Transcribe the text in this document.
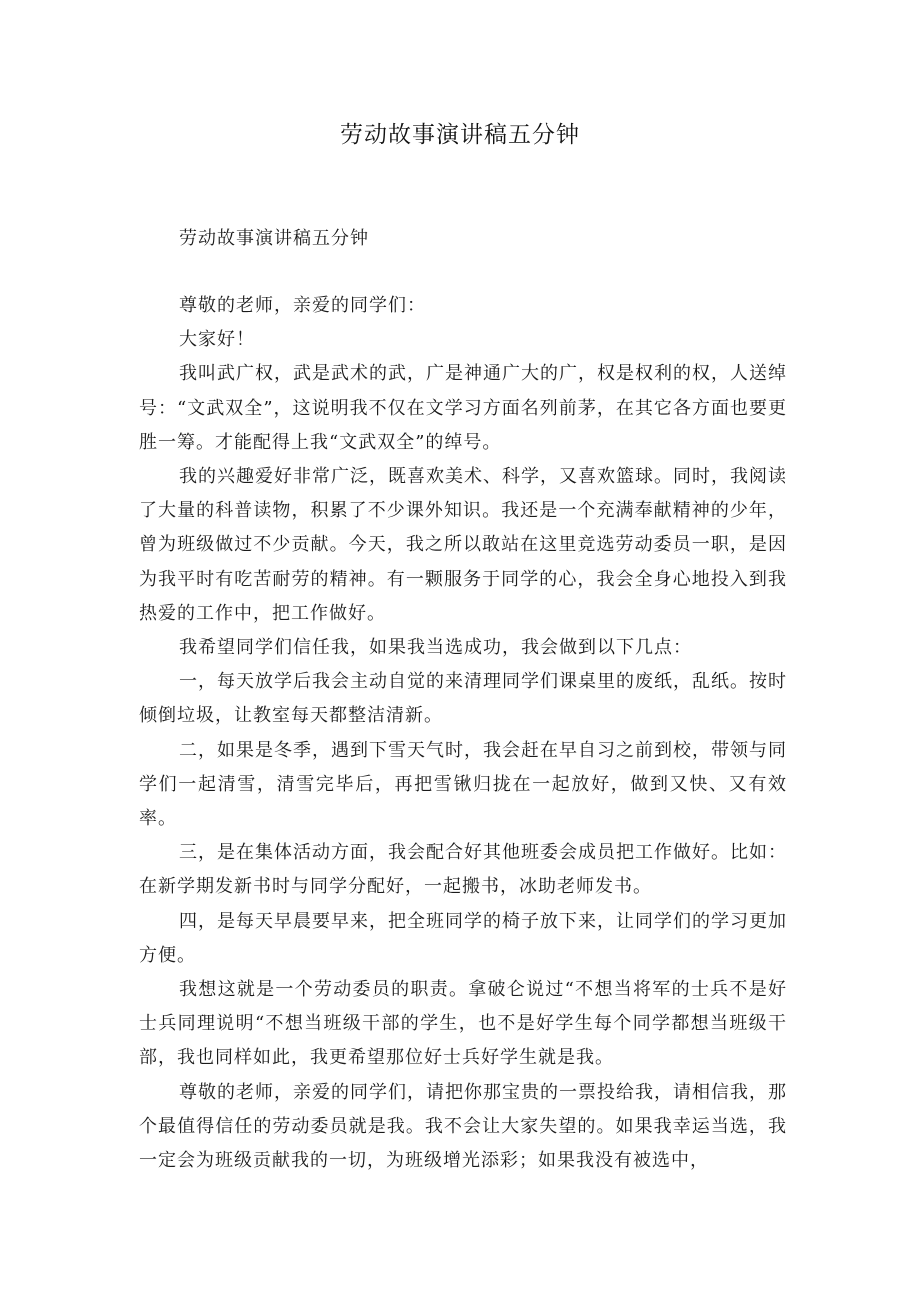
劳动故事演讲稿五分钟
劳动故事演讲稿五分钟

尊敬的老师，亲爱的同学们：

大家好！

我叫武广权，武是武术的武，广是神通广大的广，权是权利的权，人送绰号：“文武双全”，这说明我不仅在文学习方面名列前茅，在其它各方面也要更胜一筹。才能配得上我“文武双全”的绰号。

我的兴趣爱好非常广泛，既喜欢美术、科学，又喜欢篮球。同时，我阅读了大量的科普读物，积累了不少课外知识。我还是一个充满奉献精神的少年，曾为班级做过不少贡献。今天，我之所以敢站在这里竞选劳动委员一职，是因为我平时有吃苦耐劳的精神。有一颗服务于同学的心，我会全身心地投入到我热爱的工作中，把工作做好。

我希望同学们信任我，如果我当选成功，我会做到以下几点：

一，每天放学后我会主动自觉的来清理同学们课桌里的废纸，乱纸。按时倾倒垃圾，让教室每天都整洁清新。

二，如果是冬季，遇到下雪天气时，我会赶在早自习之前到校，带领与同学们一起清雪，清雪完毕后，再把雪锹归拢在一起放好，做到又快、又有效率。

三，是在集体活动方面，我会配合好其他班委会成员把工作做好。比如：在新学期发新书时与同学分配好，一起搬书，冰助老师发书。

四，是每天早晨要早来，把全班同学的椅子放下来，让同学们的学习更加方便。

我想这就是一个劳动委员的职责。拿破仑说过“不想当将军的士兵不是好士兵同理说明“不想当班级干部的学生，也不是好学生每个同学都想当班级干部，我也同样如此，我更希望那位好士兵好学生就是我。

尊敬的老师，亲爱的同学们，请把你那宝贵的一票投给我，请相信我，那个最值得信任的劳动委员就是我。我不会让大家失望的。如果我幸运当选，我一定会为班级贡献我的一切，为班级增光添彩；如果我没有被选中，
